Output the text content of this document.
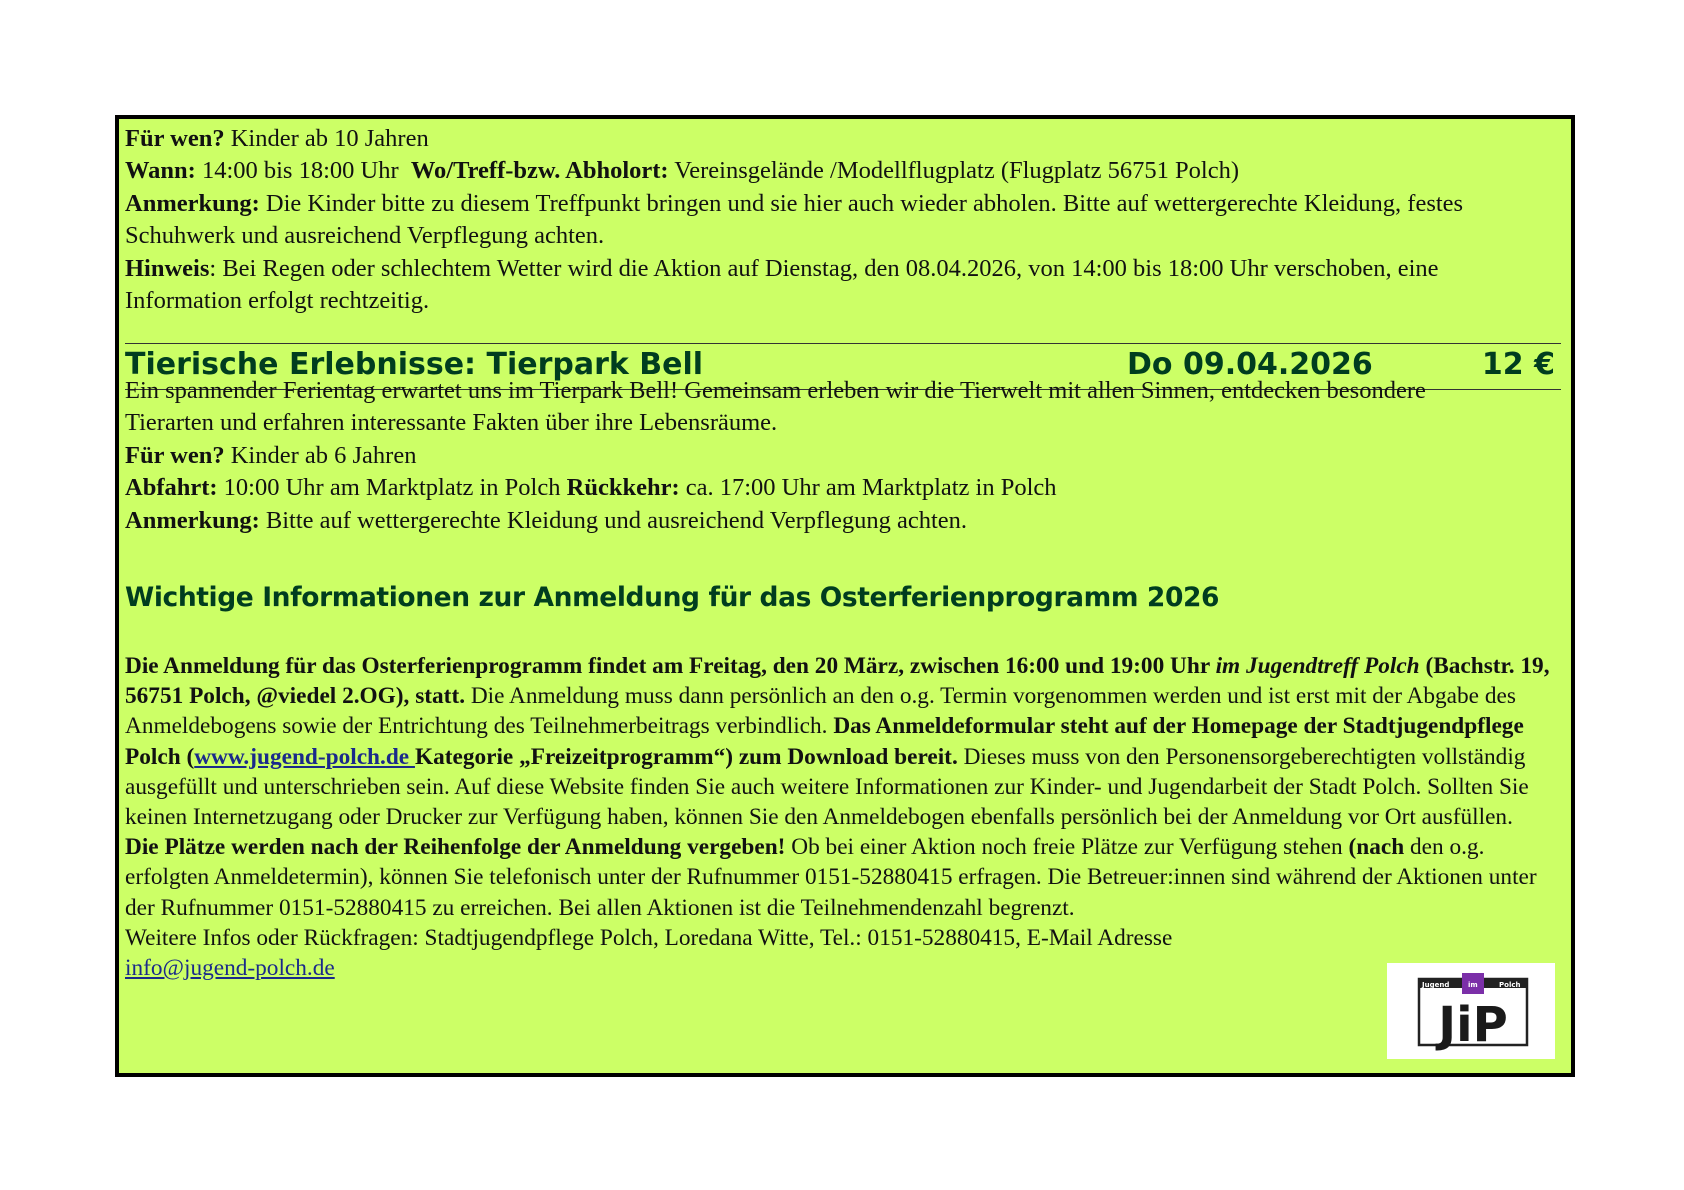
Für wen? Kinder ab 10 Jahren
Wann: 14:00 bis 18:00 Uhr  Wo/Treff-bzw. Abholort: Vereinsgelände /Modellflugplatz (Flugplatz 56751 Polch)
Anmerkung: Die Kinder bitte zu diesem Treffpunkt bringen und sie hier auch wieder abholen. Bitte auf wettergerechte Kleidung, festes Schuhwerk und ausreichend Verpflegung achten.
Hinweis: Bei Regen oder schlechtem Wetter wird die Aktion auf Dienstag, den 08.04.2026, von 14:00 bis 18:00 Uhr verschoben, eine Information erfolgt rechtzeitig.
Tierische Erlebnisse: Tierpark Bell	Do 09.04.2026	12 €
Ein spannender Ferientag erwartet uns im Tierpark Bell! Gemeinsam erleben wir die Tierwelt mit allen Sinnen, entdecken besondere Tierarten und erfahren interessante Fakten über ihre Lebensräume.
Für wen? Kinder ab 6 Jahren
Abfahrt: 10:00 Uhr am Marktplatz in Polch Rückkehr: ca. 17:00 Uhr am Marktplatz in Polch
Anmerkung: Bitte auf wettergerechte Kleidung und ausreichend Verpflegung achten.
Wichtige Informationen zur Anmeldung für das Osterferienprogramm 2026
Die Anmeldung für das Osterferienprogramm findet am Freitag, den 20 März, zwischen 16:00 und 19:00 Uhr im Jugendtreff Polch (Bachstr. 19, 56751 Polch, @viedel 2.OG), statt. Die Anmeldung muss dann persönlich an den o.g. Termin vorgenommen werden und ist erst mit der Abgabe des Anmeldebogens sowie der Entrichtung des Teilnehmerbeitrags verbindlich. Das Anmeldeformular steht auf der Homepage der Stadtjugendpflege Polch (www.jugend-polch.de Kategorie „Freizeitprogramm“) zum Download bereit. Dieses muss von den Personensorgeberechtigten vollständig ausgefüllt und unterschrieben sein. Auf diese Website finden Sie auch weitere Informationen zur Kinder- und Jugendarbeit der Stadt Polch. Sollten Sie keinen Internetzugang oder Drucker zur Verfügung haben, können Sie den Anmeldebogen ebenfalls persönlich bei der Anmeldung vor Ort ausfüllen.
Die Plätze werden nach der Reihenfolge der Anmeldung vergeben! Ob bei einer Aktion noch freie Plätze zur Verfügung stehen (nach den o.g. erfolgten Anmeldetermin), können Sie telefonisch unter der Rufnummer 0151-52880415 erfragen. Die Betreuer:innen sind während der Aktionen unter der Rufnummer 0151-52880415 zu erreichen. Bei allen Aktionen ist die Teilnehmendenzahl begrenzt.
Weitere Infos oder Rückfragen: Stadtjugendpflege Polch, Loredana Witte, Tel.: 0151-52880415, E-Mail Adresse
info@jugend-polch.de
Jugend	im	Polch
JiP
